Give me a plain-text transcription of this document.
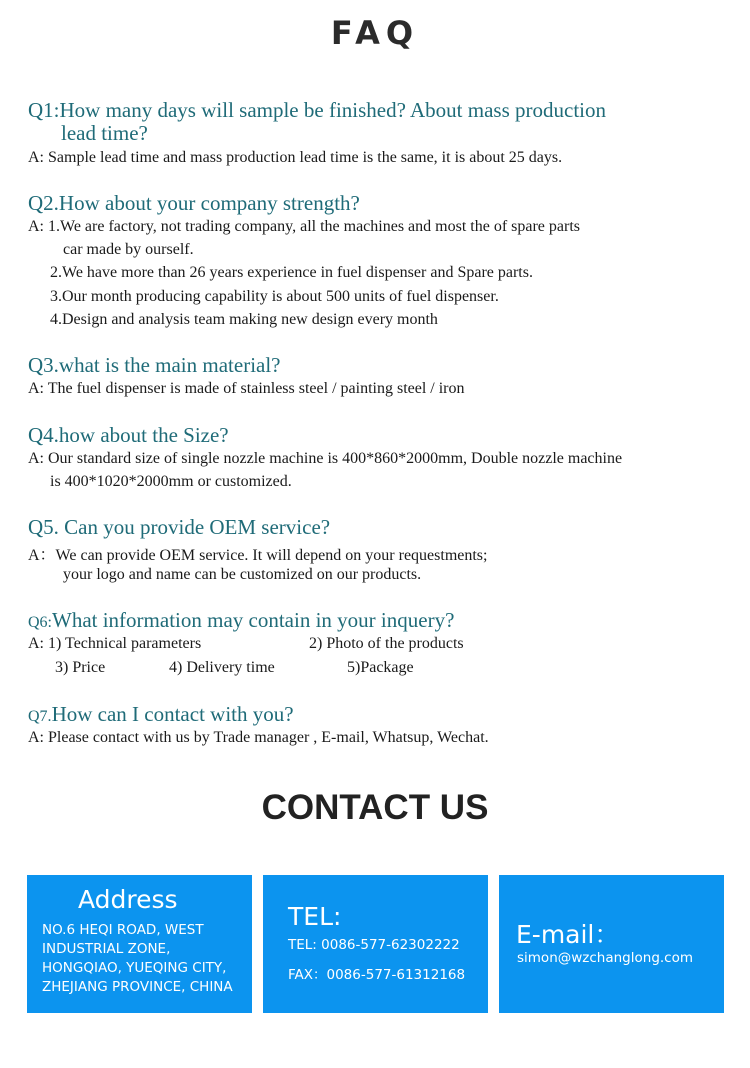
FAQ
Q1:How many days will sample be finished? About mass production
lead time?
A: Sample lead time and mass production lead time is the same, it is about 25 days.
Q2.How about your company strength?
A: 1.We are factory, not trading company, all the machines and most the of spare parts
car made by ourself.
2.We have more than 26 years experience in fuel dispenser and Spare parts.
3.Our month producing capability is about 500 units of fuel dispenser.
4.Design and analysis team making new design every month
Q3.what is the main material?
A: The fuel dispenser is made of stainless steel / painting steel / iron
Q4.how about the Size?
A: Our standard size of single nozzle machine is 400*860*2000mm, Double nozzle machine
is 400*1020*2000mm or customized.
Q5. Can you provide OEM service?
A：We can provide OEM service. It will depend on your requestments;
your logo and name can be customized on our products.
Q6:What information may contain in your inquery?
A: 1) Technical parameters	2) Photo of the products
3) Price	4) Delivery time	5)Package
Q7.How can I contact with you?
A: Please contact with us by Trade manager , E-mail, Whatsup, Wechat.
CONTACT US
Address
NO.6 HEQI ROAD, WEST
INDUSTRIAL ZONE,
HONGQIAO, YUEQING CITY,
ZHEJIANG PROVINCE, CHINA
TEL:
TEL: 0086-577-62302222
FAX：0086-577-61312168
E-mail：
simon@wzchanglong.com
